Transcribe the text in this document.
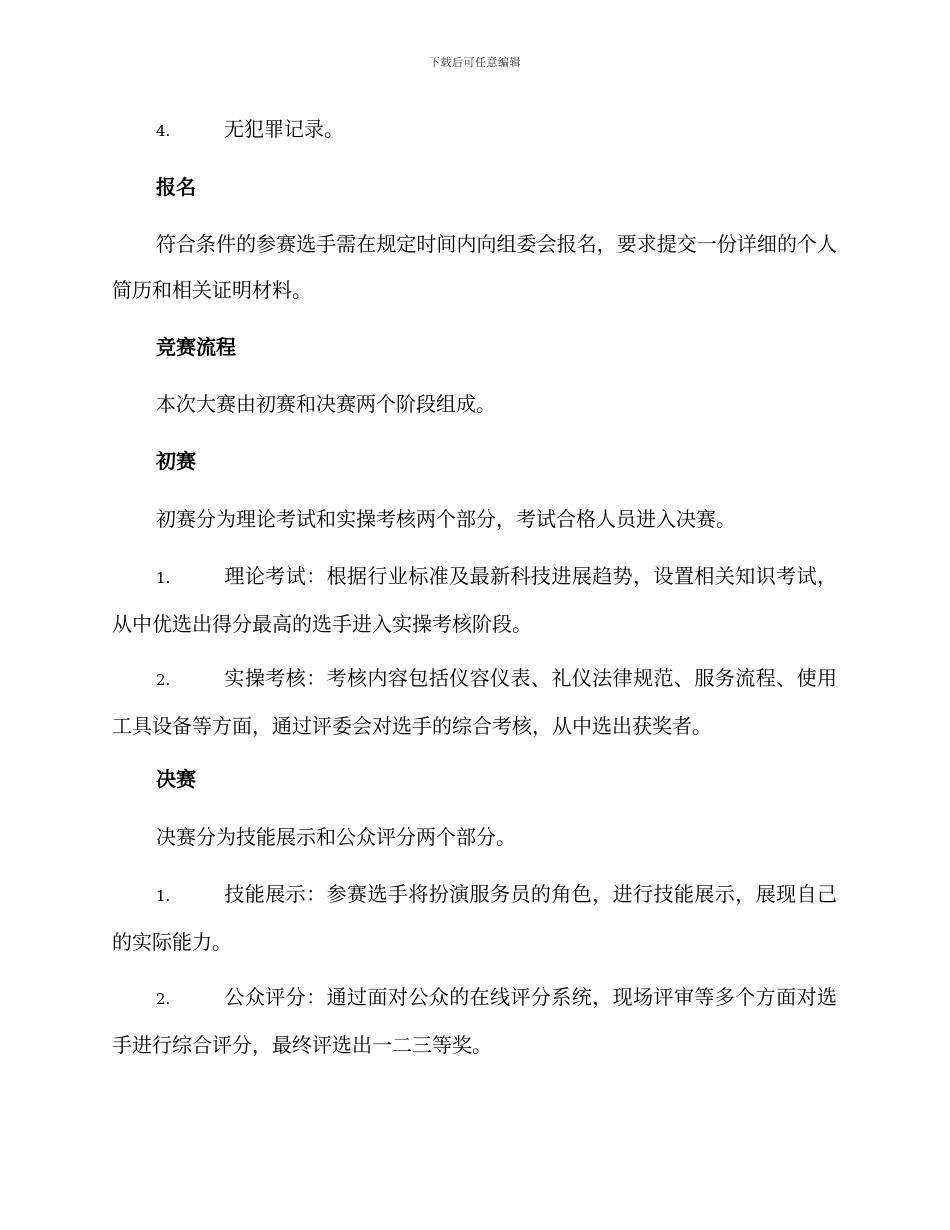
下载后可任意编辑
4.	无犯罪记录。
报名
符合条件的参赛选手需在规定时间内向组委会报名，要求提交一份详细的个人简历和相关证明材料。
竞赛流程
本次大赛由初赛和决赛两个阶段组成。
初赛
初赛分为理论考试和实操考核两个部分，考试合格人员进入决赛。
1.	理论考试：根据行业标准及最新科技进展趋势，设置相关知识考试，从中优选出得分最高的选手进入实操考核阶段。
2.	实操考核：考核内容包括仪容仪表、礼仪法律规范、服务流程、使用工具设备等方面，通过评委会对选手的综合考核，从中选出获奖者。
决赛
决赛分为技能展示和公众评分两个部分。
1.	技能展示：参赛选手将扮演服务员的角色，进行技能展示，展现自己的实际能力。
2.	公众评分：通过面对公众的在线评分系统，现场评审等多个方面对选手进行综合评分，最终评选出一二三等奖。
